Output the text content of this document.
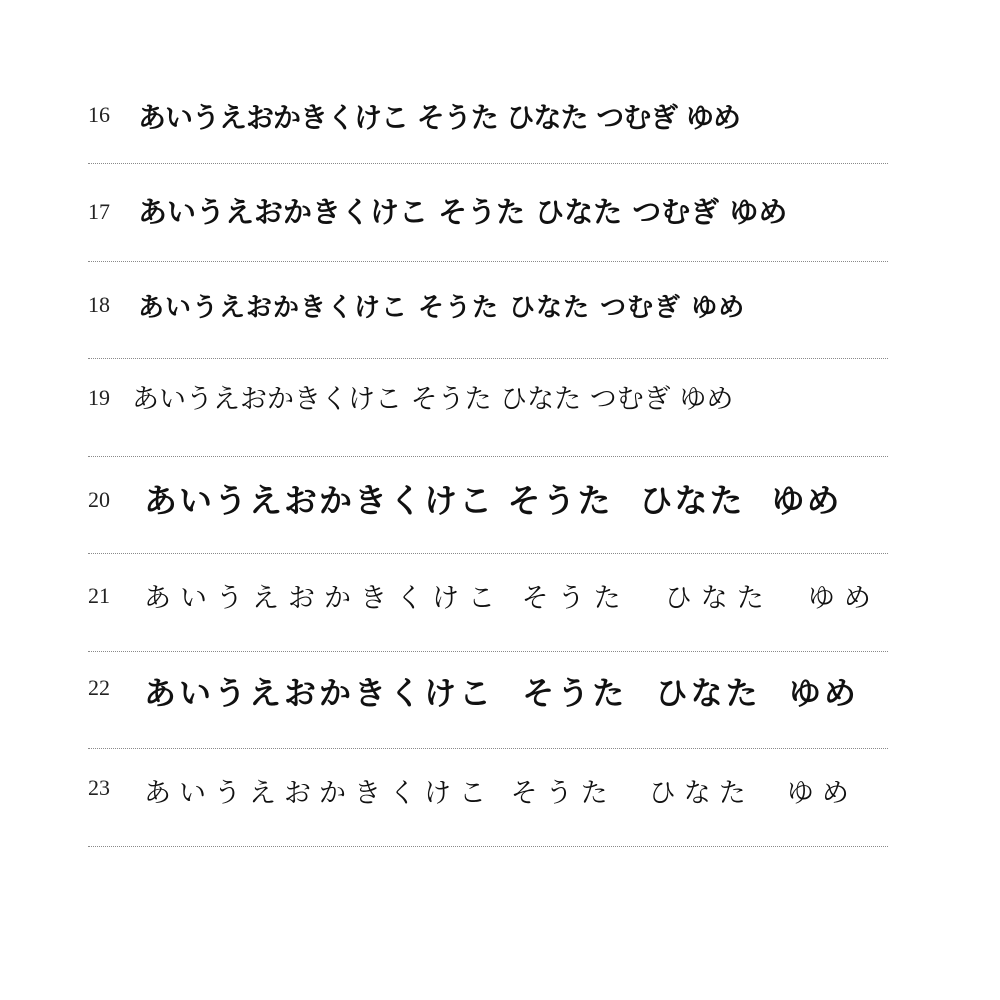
16 あいうえおかきくけこ そうた ひなた つむぎ ゆめ
17 あいうえおかきくけこ そうた ひなた つむぎ ゆめ
18 あいうえおかきくけこ そうた ひなた つむぎ ゆめ
19 あいうえおかきくけこ そうた ひなた つむぎ ゆめ
20 あいうえおかきくけこ そうた  ひなた  ゆめ
21 あいうえおかきくけこ そうた  ひなた  ゆめ
22 あいうえおかきくけこ  そうた  ひなた  ゆめ
23 あいうえおかきくけこ そうた  ひなた  ゆめ
